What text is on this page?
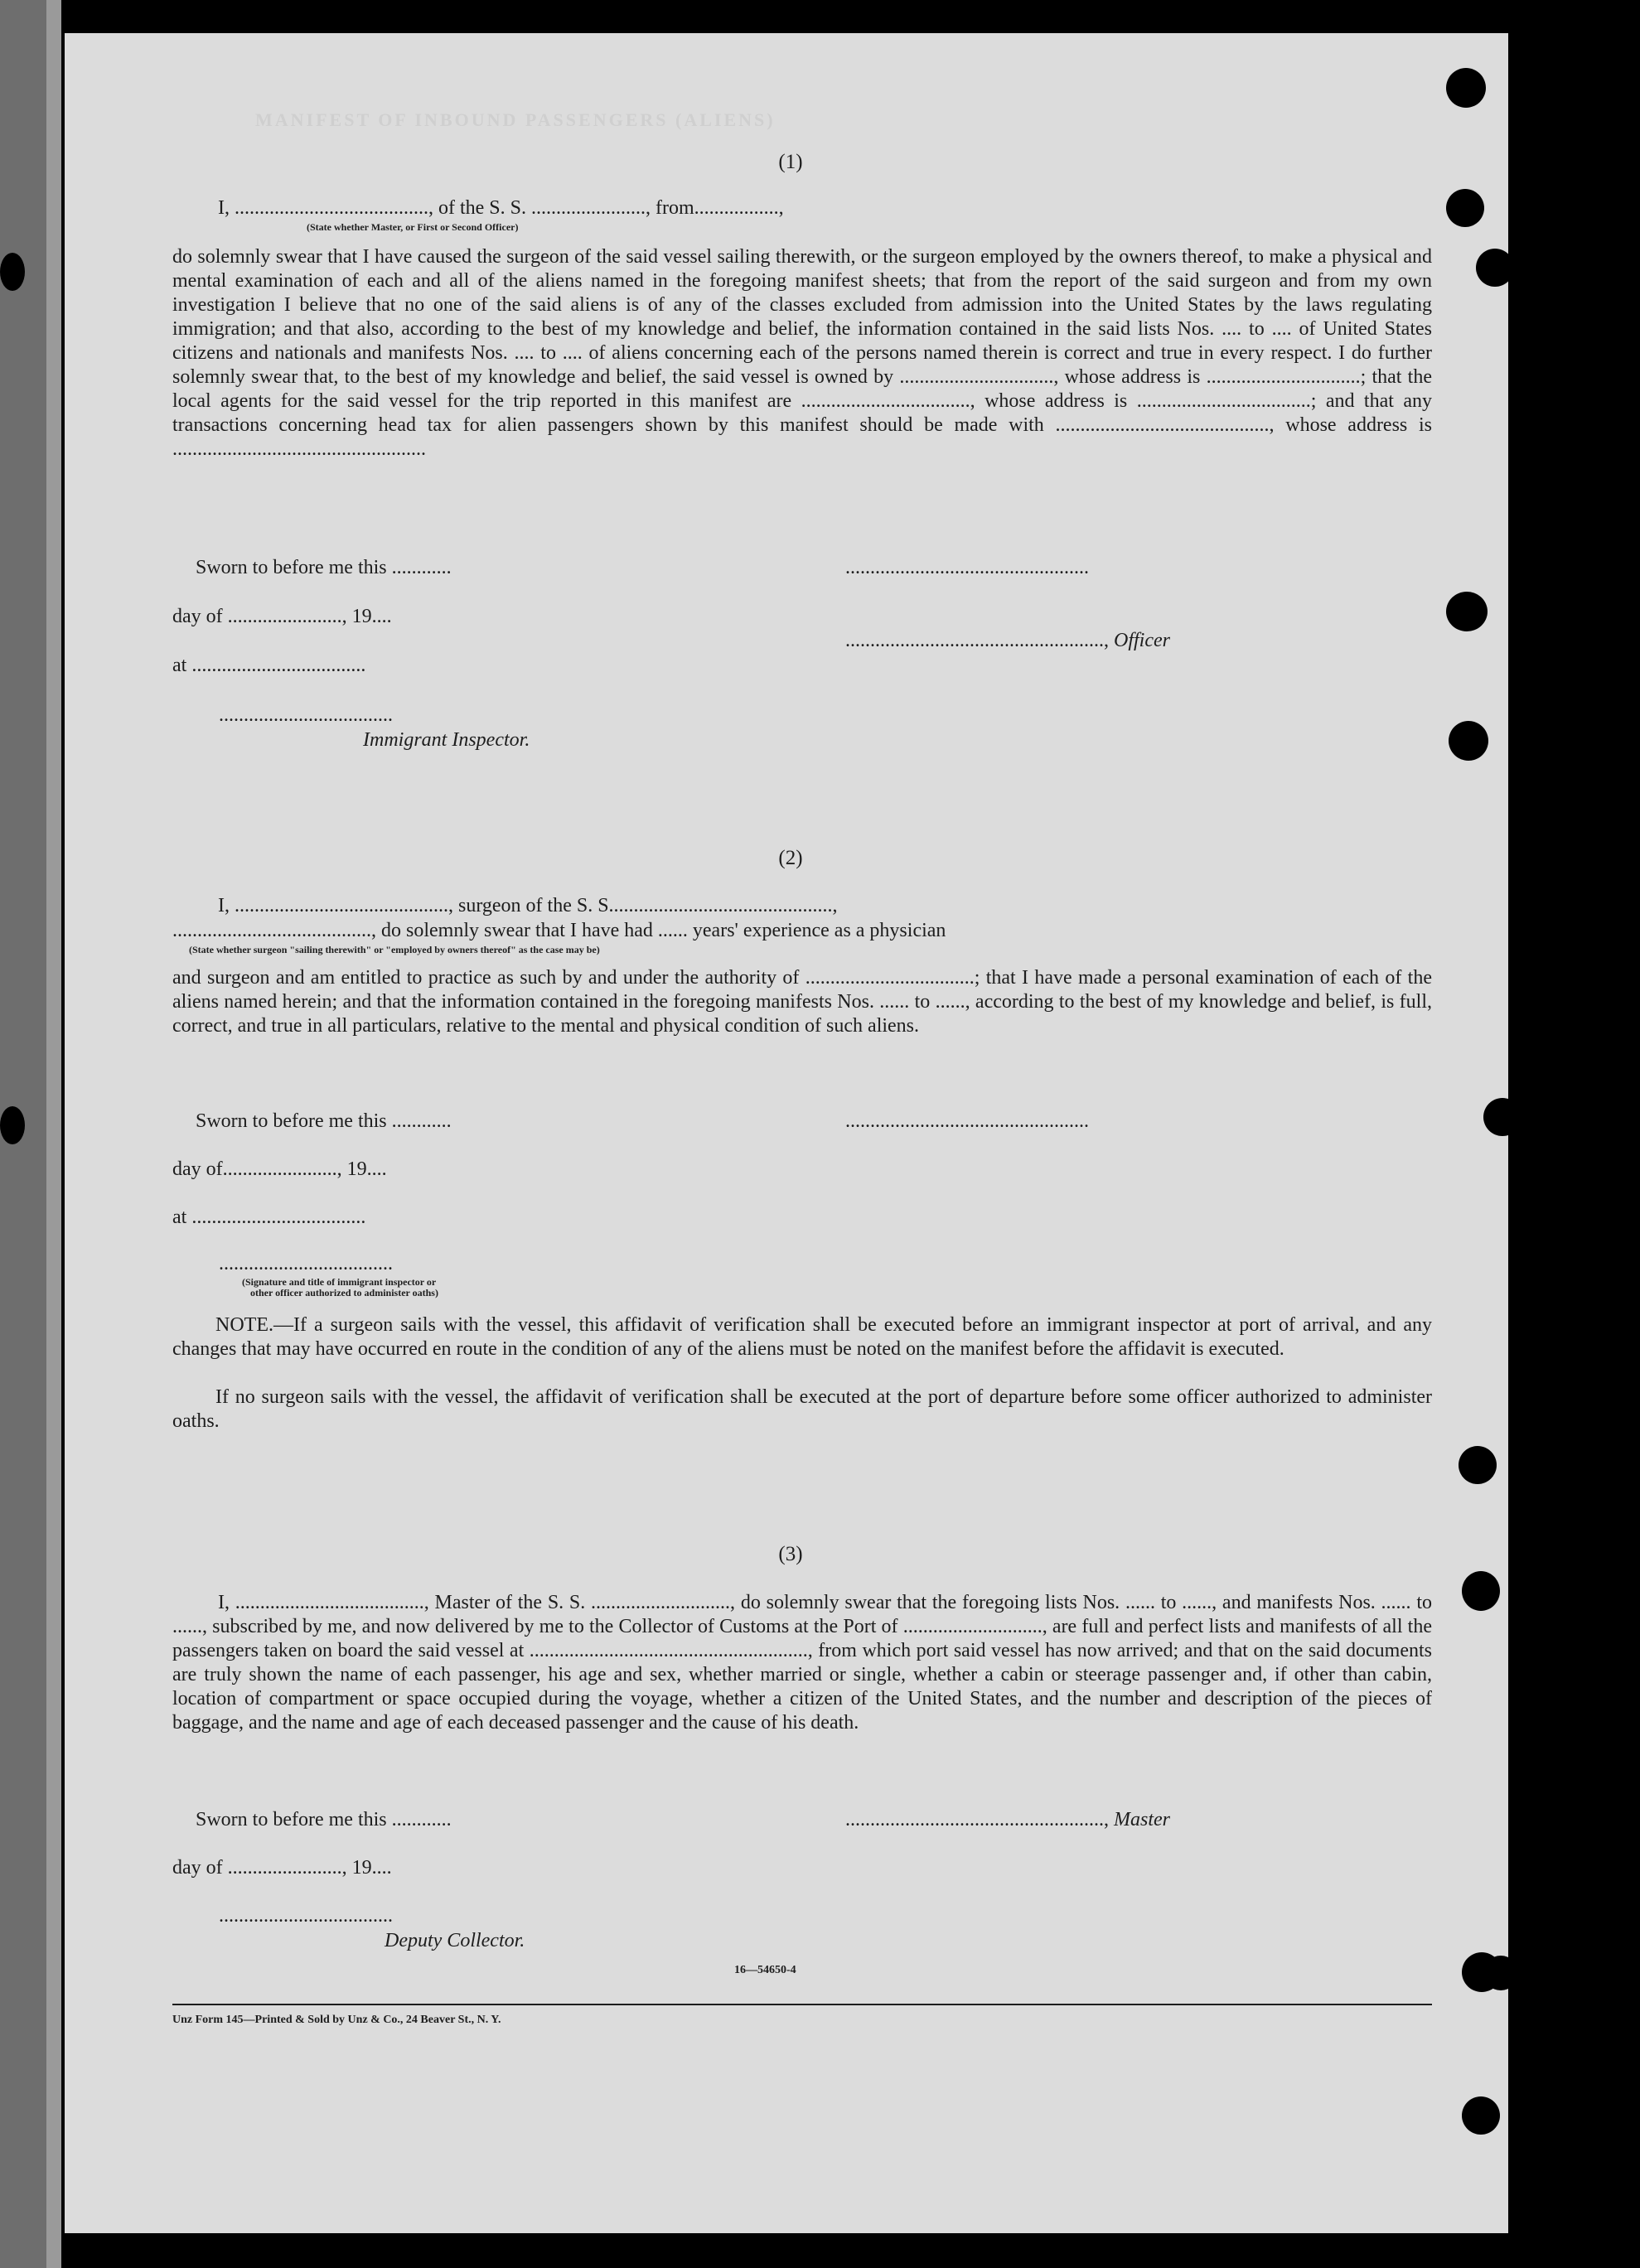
MANIFEST OF INBOUND PASSENGERS (ALIENS)
(1)
I, ......................................., of the S. S. ......................., from.................,
(State whether Master, or First or Second Officer)

do solemnly swear that I have caused the surgeon of the said vessel sailing therewith, or the surgeon employed by the owners thereof, to make a physical and mental examination of each and all of the aliens named in the foregoing manifest sheets; that from the report of the said surgeon and from my own investigation I believe that no one of the said aliens is of any of the classes excluded from admission into the United States by the laws regulating immigration; and that also, according to the best of my knowledge and belief, the information contained in the said lists Nos. .... to .... of United States citizens and nationals and manifests Nos. .... to .... of aliens concerning each of the persons named therein is correct and true in every respect. I do further solemnly swear that, to the best of my knowledge and belief, the said vessel is owned by ..............................., whose address is ...............................; that the local agents for the said vessel for the trip reported in this manifest are .................................., whose address is ...................................; and that any transactions concerning head tax for alien passengers shown by this manifest should be made with ..........................................., whose address is ...................................................

Sworn to before me this ............	.................................................
day of ......................., 19....
...................................................., Officer
at ...................................
...................................
Immigrant Inspector.
(2)
I, ..........................................., surgeon of the S. S.............................................,
........................................, do solemnly swear that I have had ...... years' experience as a physician
(State whether surgeon "sailing therewith" or "employed by owners thereof" as the case may be)

and surgeon and am entitled to practice as such by and under the authority of ..................................; that I have made a personal examination of each of the aliens named herein; and that the information contained in the foregoing manifests Nos. ...... to ......, according to the best of my knowledge and belief, is full, correct, and true in all particulars, relative to the mental and physical condition of such aliens.

Sworn to before me this ............	.................................................
day of......................., 19....
at ...................................
...................................
(Signature and title of immigrant inspector or
other officer authorized to administer oaths)

NOTE.—If a surgeon sails with the vessel, this affidavit of verification shall be executed before an immigrant inspector at port of arrival, and any changes that may have occurred en route in the condition of any of the aliens must be noted on the manifest before the affidavit is executed.

If no surgeon sails with the vessel, the affidavit of verification shall be executed at the port of departure before some officer authorized to administer oaths.

(3)

I, ......................................, Master of the S. S. ............................, do solemnly swear that the foregoing lists Nos. ...... to ......, and manifests Nos. ...... to ......, subscribed by me, and now delivered by me to the Collector of Customs at the Port of ............................, are full and perfect lists and manifests of all the passengers taken on board the said vessel at ........................................................, from which port said vessel has now arrived; and that on the said documents are truly shown the name of each passenger, his age and sex, whether married or single, whether a cabin or steerage passenger and, if other than cabin, location of compartment or space occupied during the voyage, whether a citizen of the United States, and the number and description of the pieces of baggage, and the name and age of each deceased passenger and the cause of his death.

Sworn to before me this ............	...................................................., Master
day of ......................., 19....
...................................
Deputy Collector.
16—54650-4
Unz Form 145—Printed & Sold by Unz & Co., 24 Beaver St., N. Y.
